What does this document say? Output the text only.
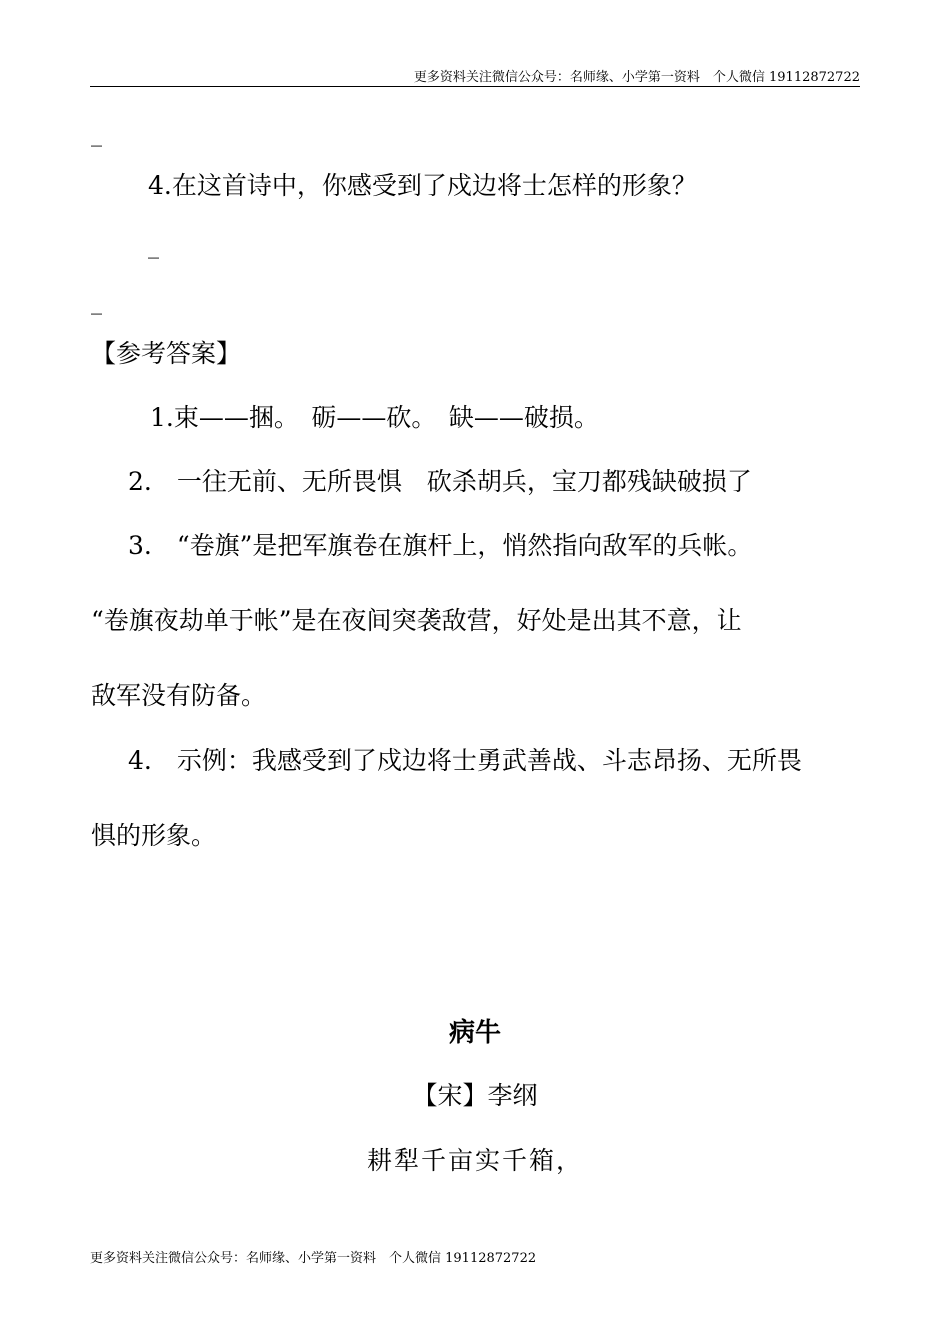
更多资料关注微信公众号：名师缘、小学第一资料　个人微信 19112872722
_
4.在这首诗中，你感受到了戍边将士怎样的形象？
_
_
【参考答案】
1.束——捆。　砺——砍。　缺——破损。
2.　一往无前、无所畏惧　砍杀胡兵，宝刀都残缺破损了
3.　“卷旗”是把军旗卷在旗杆上，悄然指向敌军的兵帐。
“卷旗夜劫单于帐”是在夜间突袭敌营，好处是出其不意，让
敌军没有防备。
4.　示例：我感受到了戍边将士勇武善战、斗志昂扬、无所畏
惧的形象。
病牛
【宋】李纲
耕犁千亩实千箱，
更多资料关注微信公众号：名师缘、小学第一资料　个人微信 19112872722
